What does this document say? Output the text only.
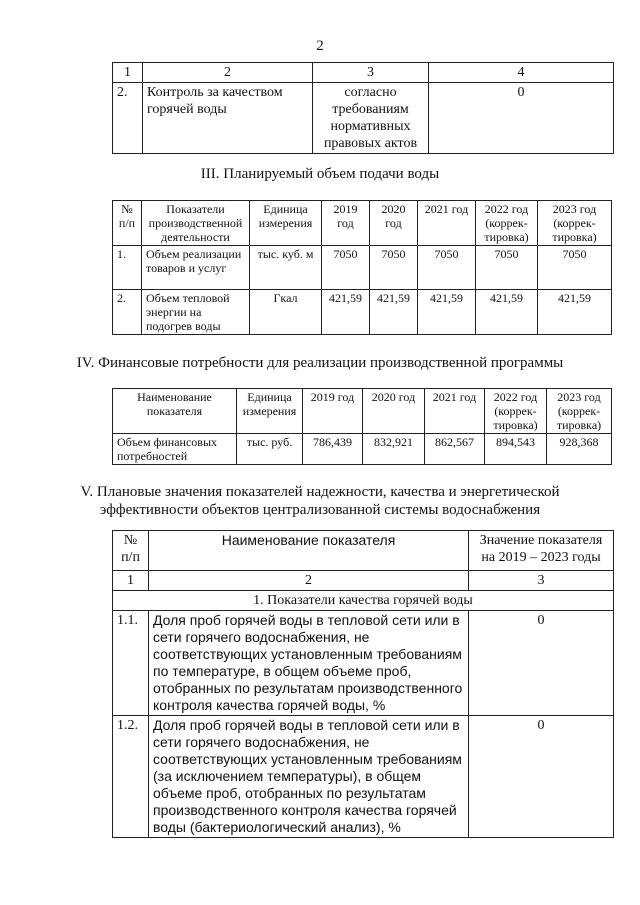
2
1	2	3	4
2.	Контроль за качеством горячей воды	согласно требованиям нормативных правовых актов	0
III. Планируемый объем подачи воды
№ п/п	Показатели производственной деятельности	Единица измерения	2019 год	2020 год	2021 год	2022 год (коррек-тировка)	2023 год (коррек-тировка)
1.	Объем реализации товаров и услуг	тыс. куб. м	7050	7050	7050	7050	7050
2.	Объем тепловой энергии на подогрев воды	Гкал	421,59	421,59	421,59	421,59	421,59
IV. Финансовые потребности для реализации производственной программы
Наименование показателя	Единица измерения	2019 год	2020 год	2021 год	2022 год (коррек-тировка)	2023 год (коррек-тировка)
Объем финансовых потребностей	тыс. руб.	786,439	832,921	862,567	894,543	928,368
V. Плановые значения показателей надежности, качества и энергетической
эффективности объектов централизованной системы водоснабжения
№ п/п	Наименование показателя	Значение показателя на 2019 – 2023 годы
1	2	3
1. Показатели качества горячей воды		
1.1.	Доля проб горячей воды в тепловой сети или в сети горячего водоснабжения, не соответствующих установленным требованиям по температуре, в общем объеме проб, отобранных по результатам производственного контроля качества горячей воды, %	0
1.2.	Доля проб горячей воды в тепловой сети или в сети горячего водоснабжения, не соответствующих установленным требованиям (за исключением температуры), в общем объеме проб, отобранных по результатам производственного контроля качества горячей воды (бактериологический анализ), %	0
